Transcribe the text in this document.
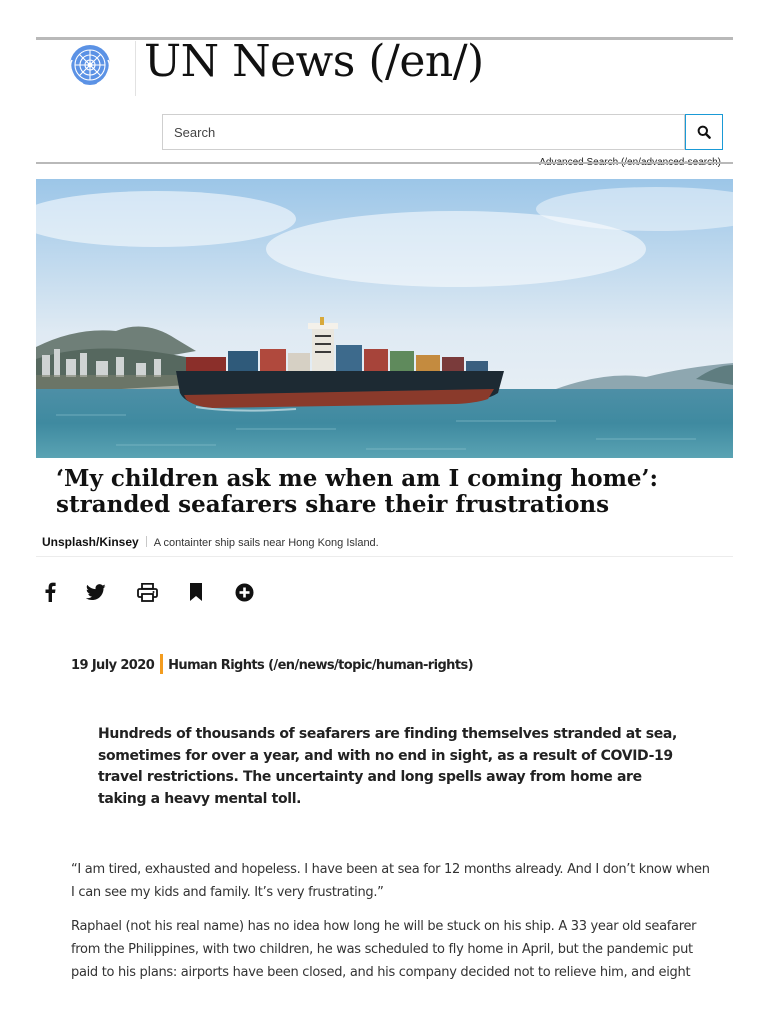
UN News (/en/)
Search
‘My children ask me when am I coming home’: stranded seafarers share their frustrations
Unsplash/Kinsey A containter ship sails near Hong Kong Island.
19 July 2020 Human Rights (/en/news/topic/human-rights)

Hundreds of thousands of seafarers are finding themselves stranded at sea, sometimes for over a year, and with no end in sight, as a result of COVID-19 travel restrictions. The uncertainty and long spells away from home are taking a heavy mental toll.

“I am tired, exhausted and hopeless. I have been at sea for 12 months already. And I don’t know when I can see my kids and family. It’s very frustrating.”

Raphael (not his real name) has no idea how long he will be stuck on his ship. A 33 year old seafarer from the Philippines, with two children, he was scheduled to fly home in April, but the pandemic put paid to his plans: airports have been closed, and his company decided not to relieve him, and eight
